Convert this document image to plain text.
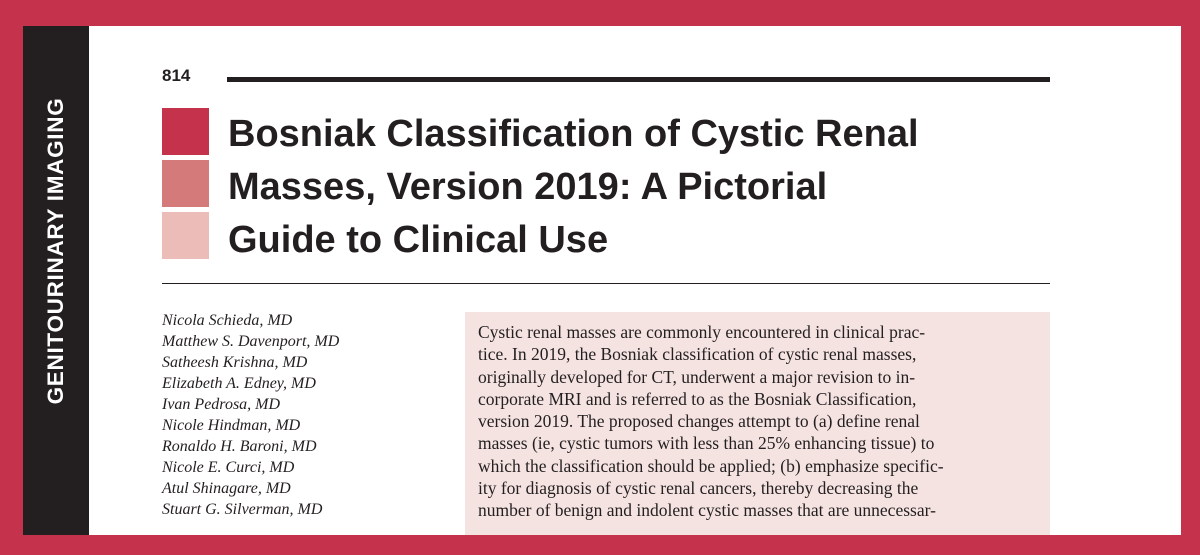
GENITOURINARY IMAGING
814
Bosniak Classification of Cystic Renal
Masses, Version 2019: A Pictorial
Guide to Clinical Use
Nicola Schieda, MD
Matthew S. Davenport, MD
Satheesh Krishna, MD
Elizabeth A. Edney, MD
Ivan Pedrosa, MD
Nicole Hindman, MD
Ronaldo H. Baroni, MD
Nicole E. Curci, MD
Atul Shinagare, MD
Stuart G. Silverman, MD

Cystic renal masses are commonly encountered in clinical prac-
tice. In 2019, the Bosniak classification of cystic renal masses,
originally developed for CT, underwent a major revision to in-
corporate MRI and is referred to as the Bosniak Classification,
version 2019. The proposed changes attempt to (a) define renal
masses (ie, cystic tumors with less than 25% enhancing tissue) to
which the classification should be applied; (b) emphasize specific-
ity for diagnosis of cystic renal cancers, thereby decreasing the
number of benign and indolent cystic masses that are unnecessar-
